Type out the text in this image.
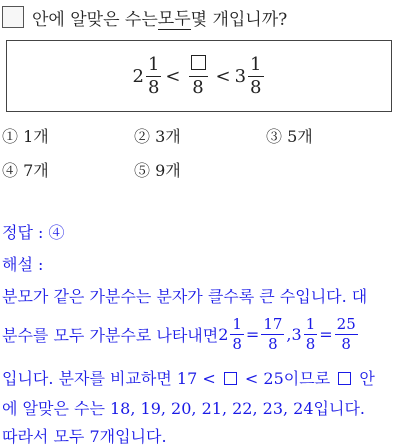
안에 알맞은 수는 모두 몇 개입니까?
$2 \frac{1}{8}$ <
8
< $3 \frac{1}{8}$
① 1개	② 3개	③ 5개
④ 7개	⑤ 9개
정답 : ④
해설 :
분모가 같은 가분수는 분자가 클수록 큰 수입니다. 대
분수를 모두 가분수로 나타내면 $2 \frac{1}{8} = \frac{17}{8}$ , $3 \frac{1}{8} = \frac{25}{8}$
입니다. 분자를 비교하면 17 <  < 25이므로  안
에 알맞은 수는 18, 19, 20, 21, 22, 23, 24입니다.
따라서 모두 7개입니다.
